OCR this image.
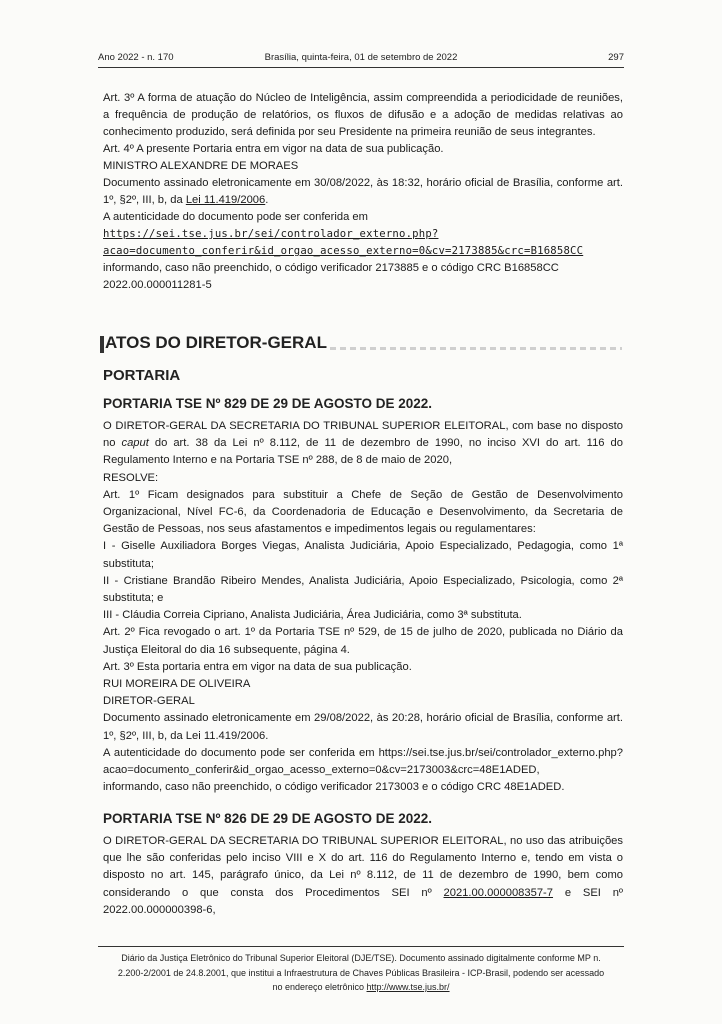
Ano 2022 - n. 170	Brasília, quinta-feira, 01 de setembro de 2022	297

Art. 3º A forma de atuação do Núcleo de Inteligência, assim compreendida a periodicidade de reuniões, a frequência de produção de relatórios, os fluxos de difusão e a adoção de medidas relativas ao conhecimento produzido, será definida por seu Presidente na primeira reunião de seus integrantes.

Art. 4º A presente Portaria entra em vigor na data de sua publicação.

MINISTRO ALEXANDRE DE MORAES

Documento assinado eletronicamente em 30/08/2022, às 18:32, horário oficial de Brasília, conforme art. 1º, §2º, III, b, da Lei 11.419/2006.

A autenticidade do documento pode ser conferida em

https://sei.tse.jus.br/sei/controlador_externo.php?

acao=documento_conferir&id_orgao_acesso_externo=0&cv=2173885&crc=B16858CC

informando, caso não preenchido, o código verificador 2173885 e o código CRC B16858CC

2022.00.000011281-5

ATOS DO DIRETOR-GERAL
PORTARIA
PORTARIA TSE Nº 829 DE 29 DE AGOSTO DE 2022.

O DIRETOR-GERAL DA SECRETARIA DO TRIBUNAL SUPERIOR ELEITORAL, com base no disposto no caput do art. 38 da Lei nº 8.112, de 11 de dezembro de 1990, no inciso XVI do art. 116 do Regulamento Interno e na Portaria TSE nº 288, de 8 de maio de 2020,

RESOLVE:

Art. 1º Ficam designados para substituir a Chefe de Seção de Gestão de Desenvolvimento Organizacional, Nível FC-6, da Coordenadoria de Educação e Desenvolvimento, da Secretaria de Gestão de Pessoas, nos seus afastamentos e impedimentos legais ou regulamentares:

I - Giselle Auxiliadora Borges Viegas, Analista Judiciária, Apoio Especializado, Pedagogia, como 1ª substituta;

II - Cristiane Brandão Ribeiro Mendes, Analista Judiciária, Apoio Especializado, Psicologia, como 2ª substituta; e

III - Cláudia Correia Cipriano, Analista Judiciária, Área Judiciária, como 3ª substituta.

Art. 2º Fica revogado o art. 1º da Portaria TSE nº 529, de 15 de julho de 2020, publicada no Diário da Justiça Eleitoral do dia 16 subsequente, página 4.

Art. 3º Esta portaria entra em vigor na data de sua publicação.

RUI MOREIRA DE OLIVEIRA

DIRETOR-GERAL

Documento assinado eletronicamente em 29/08/2022, às 20:28, horário oficial de Brasília, conforme art. 1º, §2º, III, b, da Lei 11.419/2006.

A autenticidade do documento pode ser conferida em https://sei.tse.jus.br/sei/controlador_externo.php? acao=documento_conferir&id_orgao_acesso_externo=0&cv=2173003&crc=48E1ADED,

informando, caso não preenchido, o código verificador 2173003 e o código CRC 48E1ADED.

PORTARIA TSE Nº 826 DE 29 DE AGOSTO DE 2022.

O DIRETOR-GERAL DA SECRETARIA DO TRIBUNAL SUPERIOR ELEITORAL, no uso das atribuições que lhe são conferidas pelo inciso VIII e X do art. 116 do Regulamento Interno e, tendo em vista o disposto no art. 145, parágrafo único, da Lei nº 8.112, de 11 de dezembro de 1990, bem como considerando o que consta dos Procedimentos SEI nº 2021.00.000008357-7 e SEI nº 2022.00.000000398-6,

Diário da Justiça Eletrônico do Tribunal Superior Eleitoral (DJE/TSE). Documento assinado digitalmente conforme MP n.
2.200-2/2001 de 24.8.2001, que institui a Infraestrutura de Chaves Públicas Brasileira - ICP-Brasil, podendo ser acessado
no endereço eletrônico http://www.tse.jus.br/
